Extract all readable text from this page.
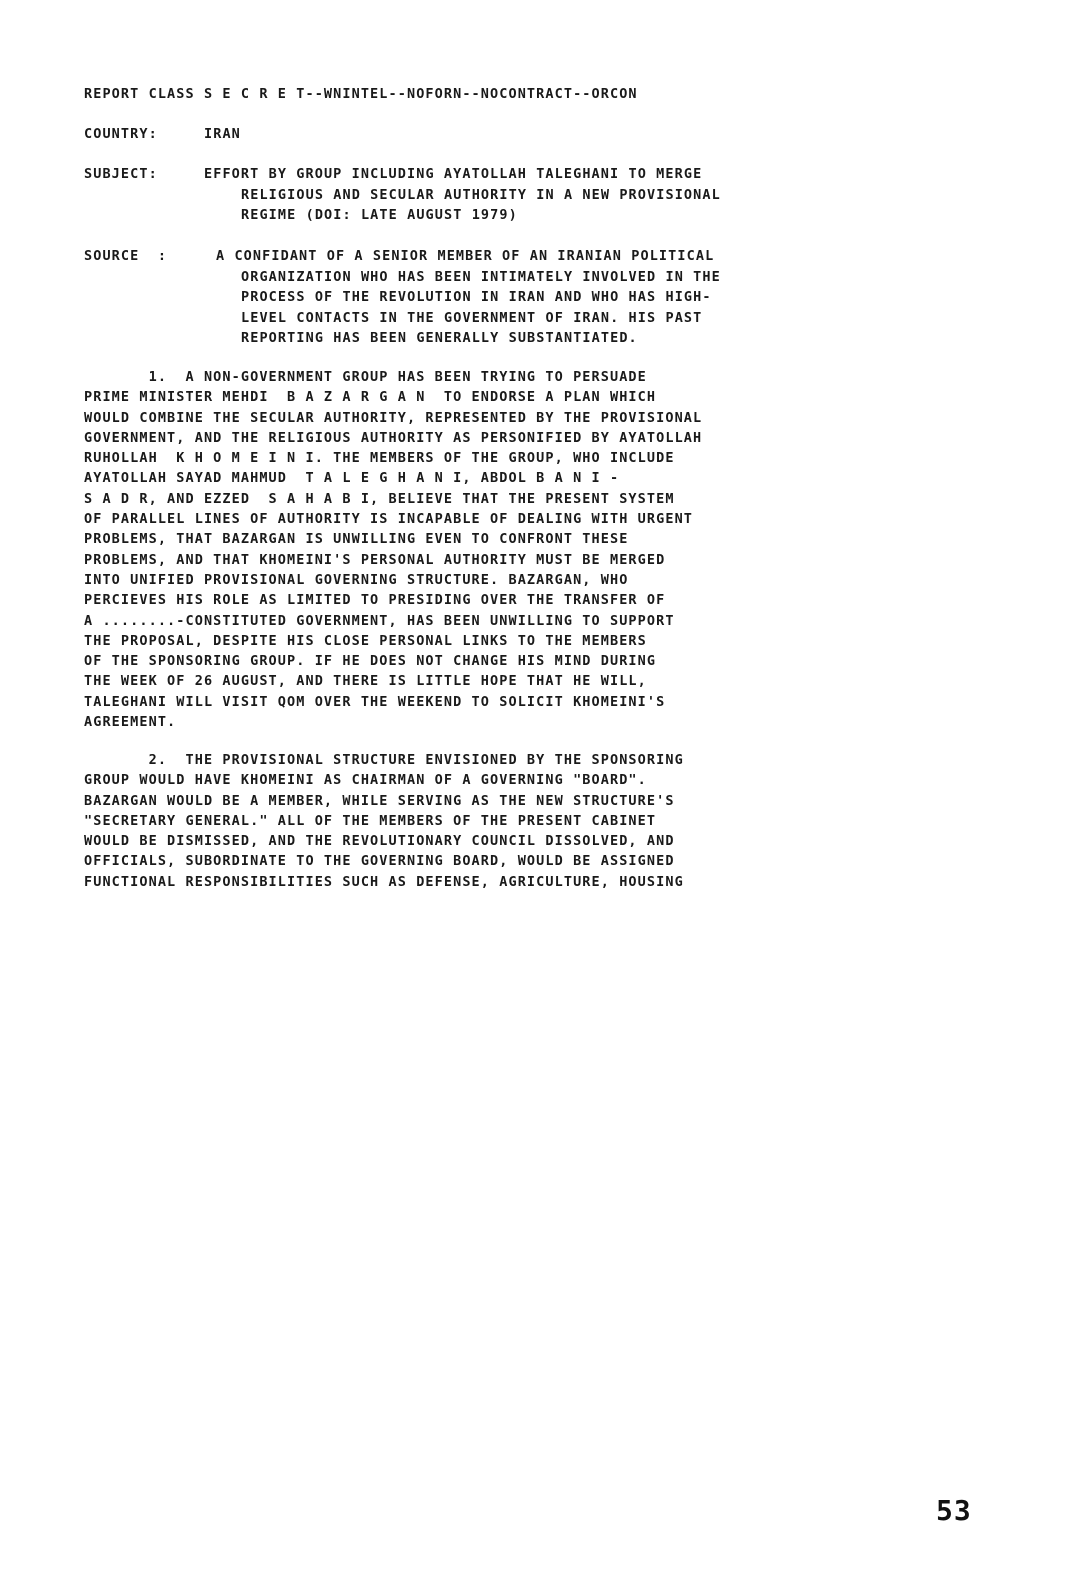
REPORT CLASS S E C R E T--WNINTEL--NOFORN--NOCONTRACT--ORCON
COUNTRY:	IRAN
SUBJECT:	EFFORT BY GROUP INCLUDING AYATOLLAH TALEGHANI TO MERGE
RELIGIOUS AND SECULAR AUTHORITY IN A NEW PROVISIONAL
REGIME (DOI: LATE AUGUST 1979)
SOURCE  :	A CONFIDANT OF A SENIOR MEMBER OF AN IRANIAN POLITICAL
ORGANIZATION WHO HAS BEEN INTIMATELY INVOLVED IN THE
PROCESS OF THE REVOLUTION IN IRAN AND WHO HAS HIGH-
LEVEL CONTACTS IN THE GOVERNMENT OF IRAN. HIS PAST
REPORTING HAS BEEN GENERALLY SUBSTANTIATED.
1.  A NON-GOVERNMENT GROUP HAS BEEN TRYING TO PERSUADE
PRIME MINISTER MEHDI  B A Z A R G A N  TO ENDORSE A PLAN WHICH
WOULD COMBINE THE SECULAR AUTHORITY, REPRESENTED BY THE PROVISIONAL
GOVERNMENT, AND THE RELIGIOUS AUTHORITY AS PERSONIFIED BY AYATOLLAH
RUHOLLAH  K H O M E I N I. THE MEMBERS OF THE GROUP, WHO INCLUDE
AYATOLLAH SAYAD MAHMUD  T A L E G H A N I, ABDOL B A N I -
S A D R, AND EZZED  S A H A B I, BELIEVE THAT THE PRESENT SYSTEM
OF PARALLEL LINES OF AUTHORITY IS INCAPABLE OF DEALING WITH URGENT
PROBLEMS, THAT BAZARGAN IS UNWILLING EVEN TO CONFRONT THESE
PROBLEMS, AND THAT KHOMEINI'S PERSONAL AUTHORITY MUST BE MERGED
INTO UNIFIED PROVISIONAL GOVERNING STRUCTURE. BAZARGAN, WHO
PERCIEVES HIS ROLE AS LIMITED TO PRESIDING OVER THE TRANSFER OF
A ........-CONSTITUTED GOVERNMENT, HAS BEEN UNWILLING TO SUPPORT
THE PROPOSAL, DESPITE HIS CLOSE PERSONAL LINKS TO THE MEMBERS
OF THE SPONSORING GROUP. IF HE DOES NOT CHANGE HIS MIND DURING
THE WEEK OF 26 AUGUST, AND THERE IS LITTLE HOPE THAT HE WILL,
TALEGHANI WILL VISIT QOM OVER THE WEEKEND TO SOLICIT KHOMEINI'S
AGREEMENT.
2.  THE PROVISIONAL STRUCTURE ENVISIONED BY THE SPONSORING
GROUP WOULD HAVE KHOMEINI AS CHAIRMAN OF A GOVERNING "BOARD".
BAZARGAN WOULD BE A MEMBER, WHILE SERVING AS THE NEW STRUCTURE'S
"SECRETARY GENERAL." ALL OF THE MEMBERS OF THE PRESENT CABINET
WOULD BE DISMISSED, AND THE REVOLUTIONARY COUNCIL DISSOLVED, AND
OFFICIALS, SUBORDINATE TO THE GOVERNING BOARD, WOULD BE ASSIGNED
FUNCTIONAL RESPONSIBILITIES SUCH AS DEFENSE, AGRICULTURE, HOUSING
53
